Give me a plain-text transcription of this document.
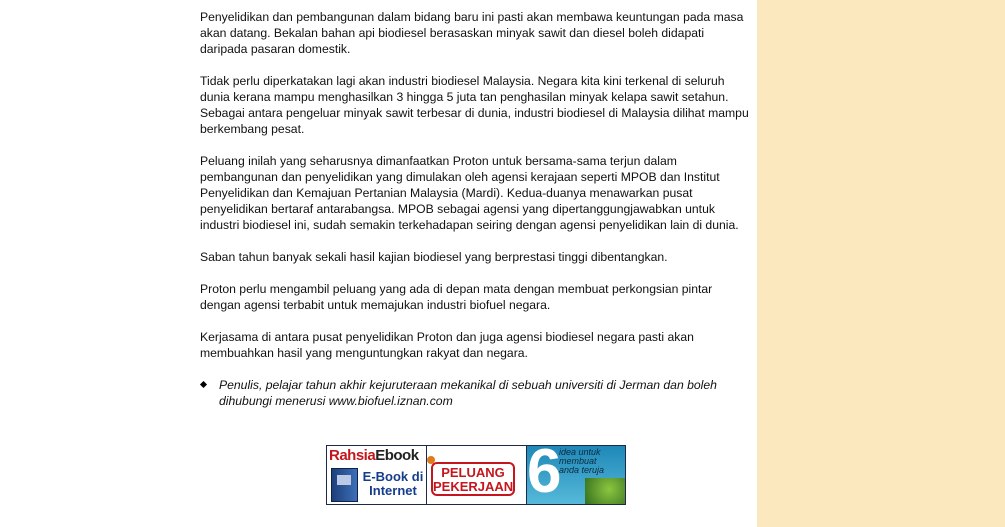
Penyelidikan dan pembangunan dalam bidang baru ini pasti akan membawa keuntungan pada masa akan datang. Bekalan bahan api biodiesel berasaskan minyak sawit dan diesel boleh didapati daripada pasaran domestik.

Tidak perlu diperkatakan lagi akan industri biodiesel Malaysia. Negara kita kini terkenal di seluruh dunia kerana mampu menghasilkan 3 hingga 5 juta tan penghasilan minyak kelapa sawit setahun. Sebagai antara pengeluar minyak sawit terbesar di dunia, industri biodiesel di Malaysia dilihat mampu berkembang pesat.

Peluang inilah yang seharusnya dimanfaatkan Proton untuk bersama-sama terjun dalam pembangunan dan penyelidikan yang dimulakan oleh agensi kerajaan seperti MPOB dan Institut Penyelidikan dan Kemajuan Pertanian Malaysia (Mardi). Kedua-duanya menawarkan pusat penyelidikan bertaraf antarabangsa. MPOB sebagai agensi yang dipertanggungjawabkan untuk industri biodiesel ini, sudah semakin terkehadapan seiring dengan agensi penyelidikan lain di dunia.

Saban tahun banyak sekali hasil kajian biodiesel yang berprestasi tinggi dibentangkan.

Proton perlu mengambil peluang yang ada di depan mata dengan membuat perkongsian pintar dengan agensi terbabit untuk memajukan industri biofuel negara.

Kerjasama di antara pusat penyelidikan Proton dan juga agensi biodiesel negara pasti akan membuahkan hasil yang menguntungkan rakyat dan negara.

Penulis, pelajar tahun akhir kejuruteraan mekanikal di sebuah universiti di Jerman dan boleh dihubungi menerusi www.biofuel.iznan.com
RahsiaEbook
E-Book di Internet
PELUANG PEKERJAAN 6
idea untuk membuat anda teruja
